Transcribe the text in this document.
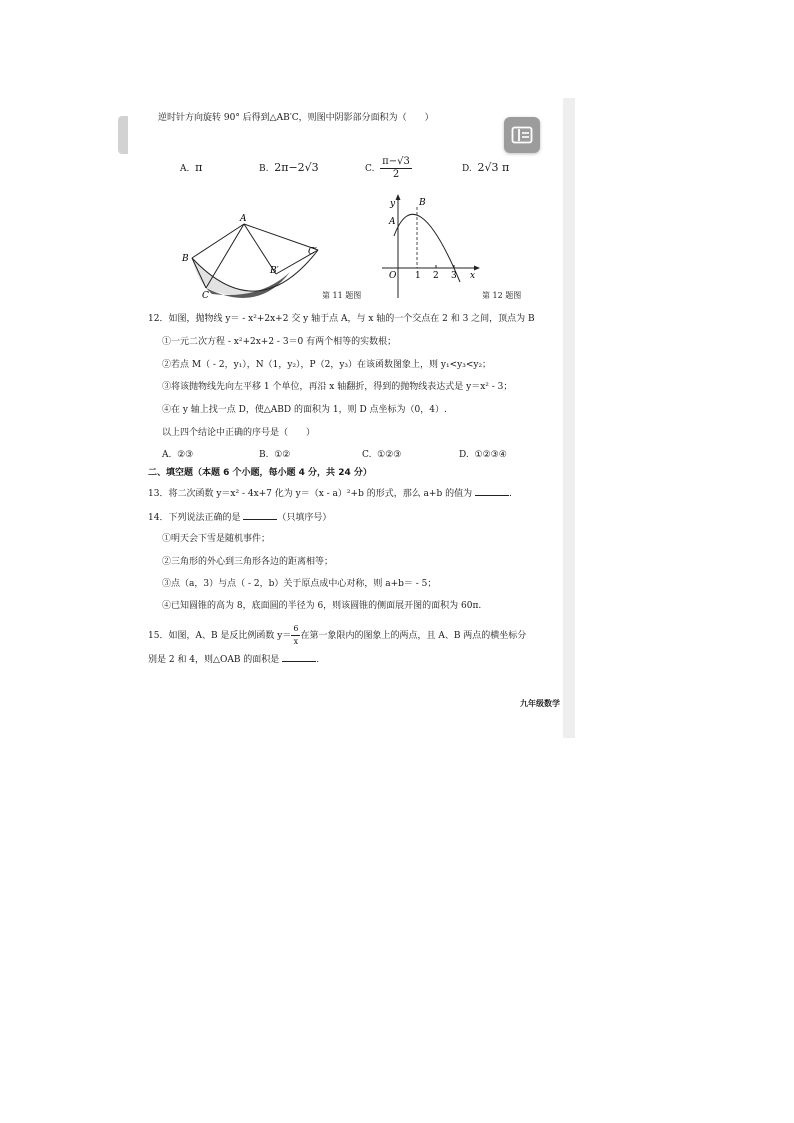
逆时针方向旋转 90° 后得到△AB′C，则图中阴影部分面积为（　　）
A. π	B. 2π−2√3	C. $\frac{\pi-√3}{2}$	D. 2√3 π
A
B
C
B′
C′
第 11 题图
y
A
B
O 1 2 3 x
第 12 题图
12．如图，抛物线 y＝ - x²+2x+2 交 y 轴于点 A，与 x 轴的一个交点在 2 和 3 之间，顶点为 B
①一元二次方程 - x²+2x+2 - 3＝0 有两个相等的实数根；
②若点 M（ - 2，y₁），N（1，y₂），P（2，y₃）在该函数图象上，则 y₁<y₃<y₂；
③将该抛物线先向左平移 1 个单位，再沿 x 轴翻折，得到的抛物线表达式是 y＝x² - 3；
④在 y 轴上找一点 D，使△ABD 的面积为 1，则 D 点坐标为（0，4）.
以上四个结论中正确的序号是（　　）
A. ②③	B. ①②	C. ①②③	D. ①②③④
二、填空题（本题 6 个小题，每小题 4 分，共 24 分）
13．将二次函数 y＝x² - 4x+7 化为 y＝（x - a）²+b 的形式，那么 a+b 的值为	.
14．下列说法正确的是	（只填序号）
①明天会下雪是随机事件；
②三角形的外心到三角形各边的距离相等；
③点（a，3）与点（ - 2，b）关于原点成中心对称，则 a+b＝ - 5；
④已知圆锥的高为 8，底面圆的半径为 6，则该圆锥的侧面展开图的面积为 60π.
15．如图，A、B 是反比例函数 $y= \frac{6}{x}$ 在第一象限内的图象上的两点，且 A、B 两点的横坐标分
别是 2 和 4，则△OAB 的面积是	.
九年级数学
